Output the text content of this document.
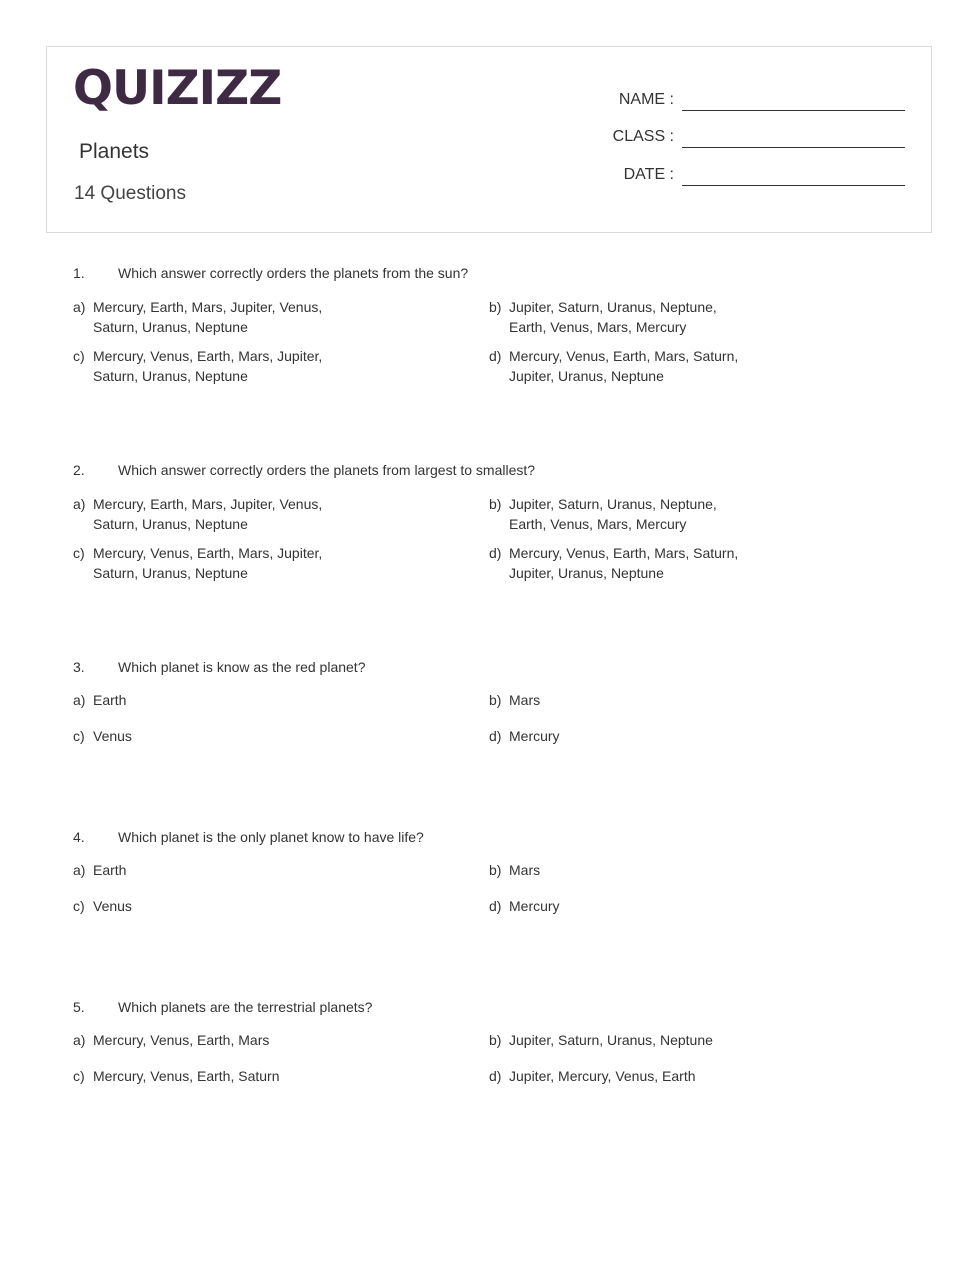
QUIZIZZ
Planets
14 Questions
NAME :
CLASS :
DATE :
1. Which answer correctly orders the planets from the sun?
a) Mercury, Earth, Mars, Jupiter, Venus, Saturn, Uranus, Neptune
b) Jupiter, Saturn, Uranus, Neptune, Earth, Venus, Mars, Mercury
c) Mercury, Venus, Earth, Mars, Jupiter, Saturn, Uranus, Neptune
d) Mercury, Venus, Earth, Mars, Saturn, Jupiter, Uranus, Neptune
2. Which answer correctly orders the planets from largest to smallest?
a) Mercury, Earth, Mars, Jupiter, Venus, Saturn, Uranus, Neptune
b) Jupiter, Saturn, Uranus, Neptune, Earth, Venus, Mars, Mercury
c) Mercury, Venus, Earth, Mars, Jupiter, Saturn, Uranus, Neptune
d) Mercury, Venus, Earth, Mars, Saturn, Jupiter, Uranus, Neptune
3. Which planet is know as the red planet?
a) Earth	b) Mars
c) Venus	d) Mercury
4. Which planet is the only planet know to have life?
a) Earth	b) Mars
c) Venus	d) Mercury
5. Which planets are the terrestrial planets?
a) Mercury, Venus, Earth, Mars	b) Jupiter, Saturn, Uranus, Neptune
c) Mercury, Venus, Earth, Saturn	d) Jupiter, Mercury, Venus, Earth
